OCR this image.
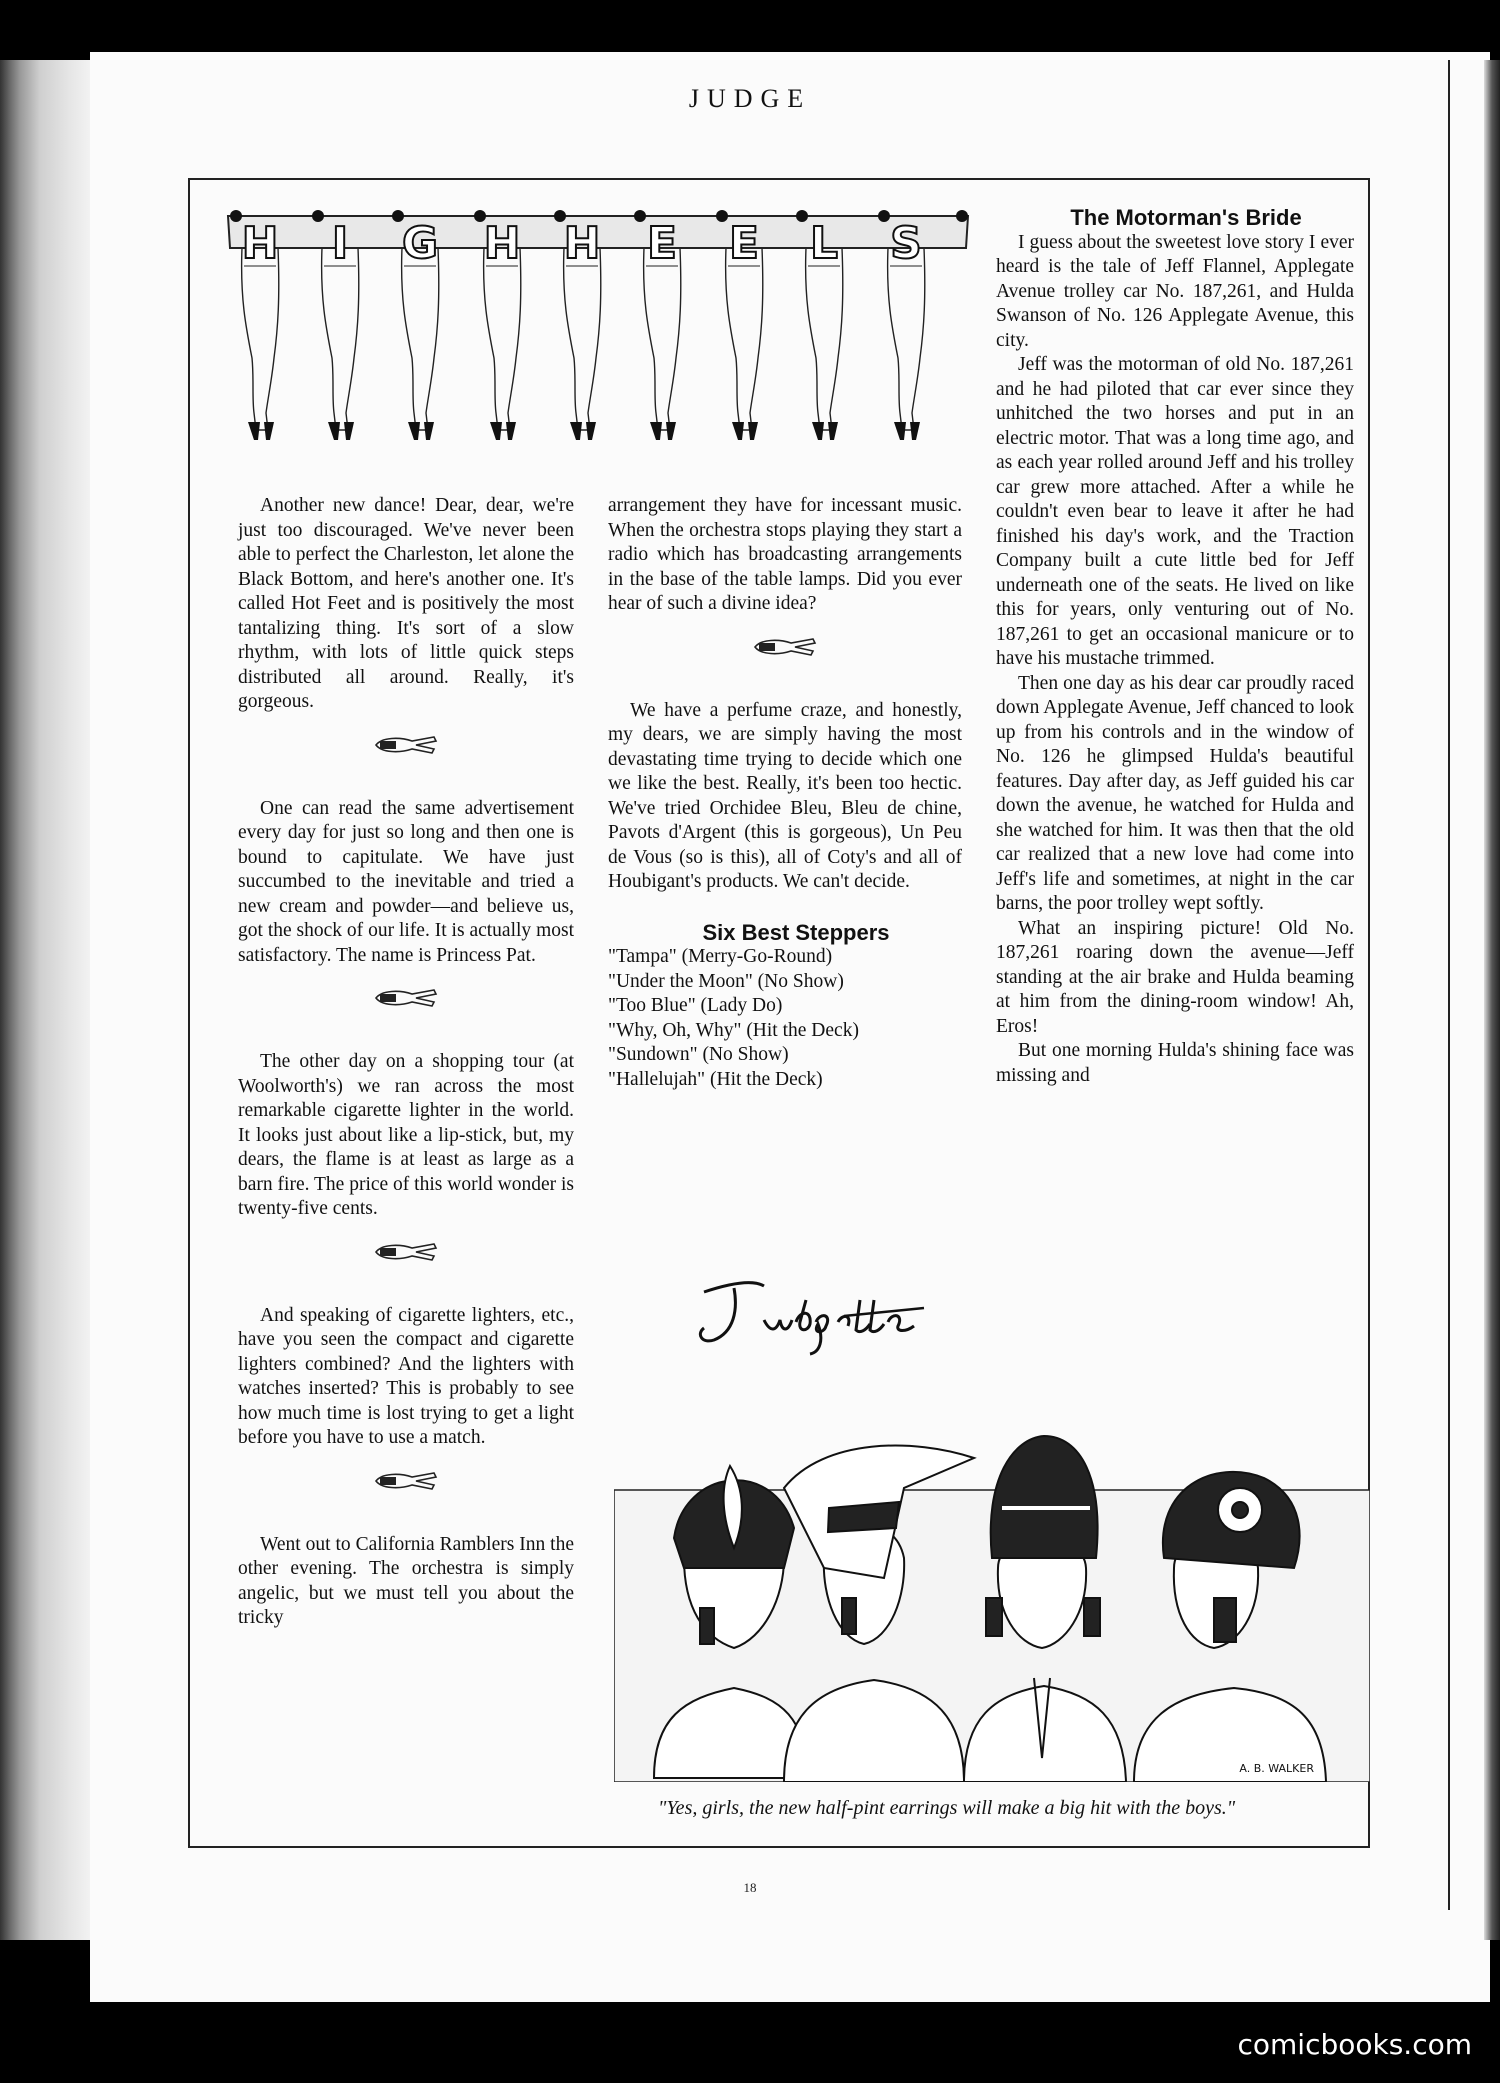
JUDGE
H I G H H E E L S

Another new dance! Dear, dear, we're just too discouraged. We've never been able to perfect the Charleston, let alone the Black Bottom, and here's another one. It's called Hot Feet and is positively the most tantalizing thing. It's sort of a slow rhythm, with lots of little quick steps distributed all around. Really, it's gorgeous.

One can read the same advertisement every day for just so long and then one is bound to capitulate. We have just succumbed to the inevitable and tried a new cream and powder—and believe us, got the shock of our life. It is actually most satisfactory. The name is Princess Pat.

The other day on a shopping tour (at Woolworth's) we ran across the most remarkable cigarette lighter in the world. It looks just about like a lip-stick, but, my dears, the flame is at least as large as a barn fire. The price of this world wonder is twenty-five cents.

And speaking of cigarette lighters, etc., have you seen the compact and cigarette lighters combined? And the lighters with watches inserted? This is probably to see how much time is lost trying to get a light before you have to use a match.

Went out to California Ramblers Inn the other evening. The orchestra is simply angelic, but we must tell you about the tricky

arrangement they have for incessant music. When the orchestra stops playing they start a radio which has broadcasting arrangements in the base of the table lamps. Did you ever hear of such a divine idea?

We have a perfume craze, and honestly, my dears, we are simply having the most devastating time trying to decide which one we like the best. Really, it's been too hectic. We've tried Orchidee Bleu, Bleu de chine, Pavots d'Argent (this is gorgeous), Un Peu de Vous (so is this), all of Coty's and all of Houbigant's products. We can't decide.

Six Best Steppers

"Tampa" (Merry-Go-Round)
"Under the Moon" (No Show)
"Too Blue" (Lady Do)
"Why, Oh, Why" (Hit the Deck)
"Sundown" (No Show)
"Hallelujah" (Hit the Deck)

The Motorman's Bride

I guess about the sweetest love story I ever heard is the tale of Jeff Flannel, Applegate Avenue trolley car No. 187,261, and Hulda Swanson of No. 126 Applegate Avenue, this city.

Jeff was the motorman of old No. 187,261 and he had piloted that car ever since they unhitched the two horses and put in an electric motor. That was a long time ago, and as each year rolled around Jeff and his trolley car grew more attached. After a while he couldn't even bear to leave it after he had finished his day's work, and the Traction Company built a cute little bed for Jeff underneath one of the seats. He lived on like this for years, only venturing out of No. 187,261 to get an occasional manicure or to have his mustache trimmed.

Then one day as his dear car proudly raced down Applegate Avenue, Jeff chanced to look up from his controls and in the window of No. 126 he glimpsed Hulda's beautiful features. Day after day, as Jeff guided his car down the avenue, he watched for Hulda and she watched for him. It was then that the old car realized that a new love had come into Jeff's life and sometimes, at night in the car barns, the poor trolley wept softly.

What an inspiring picture! Old No. 187,261 roaring down the avenue—Jeff standing at the air brake and Hulda beaming at him from the dining-room window! Ah, Eros!

But one morning Hulda's shining face was missing and

A. B. WALKER
"Yes, girls, the new half-pint earrings will make a big hit with the boys."
18
comicbooks.com
